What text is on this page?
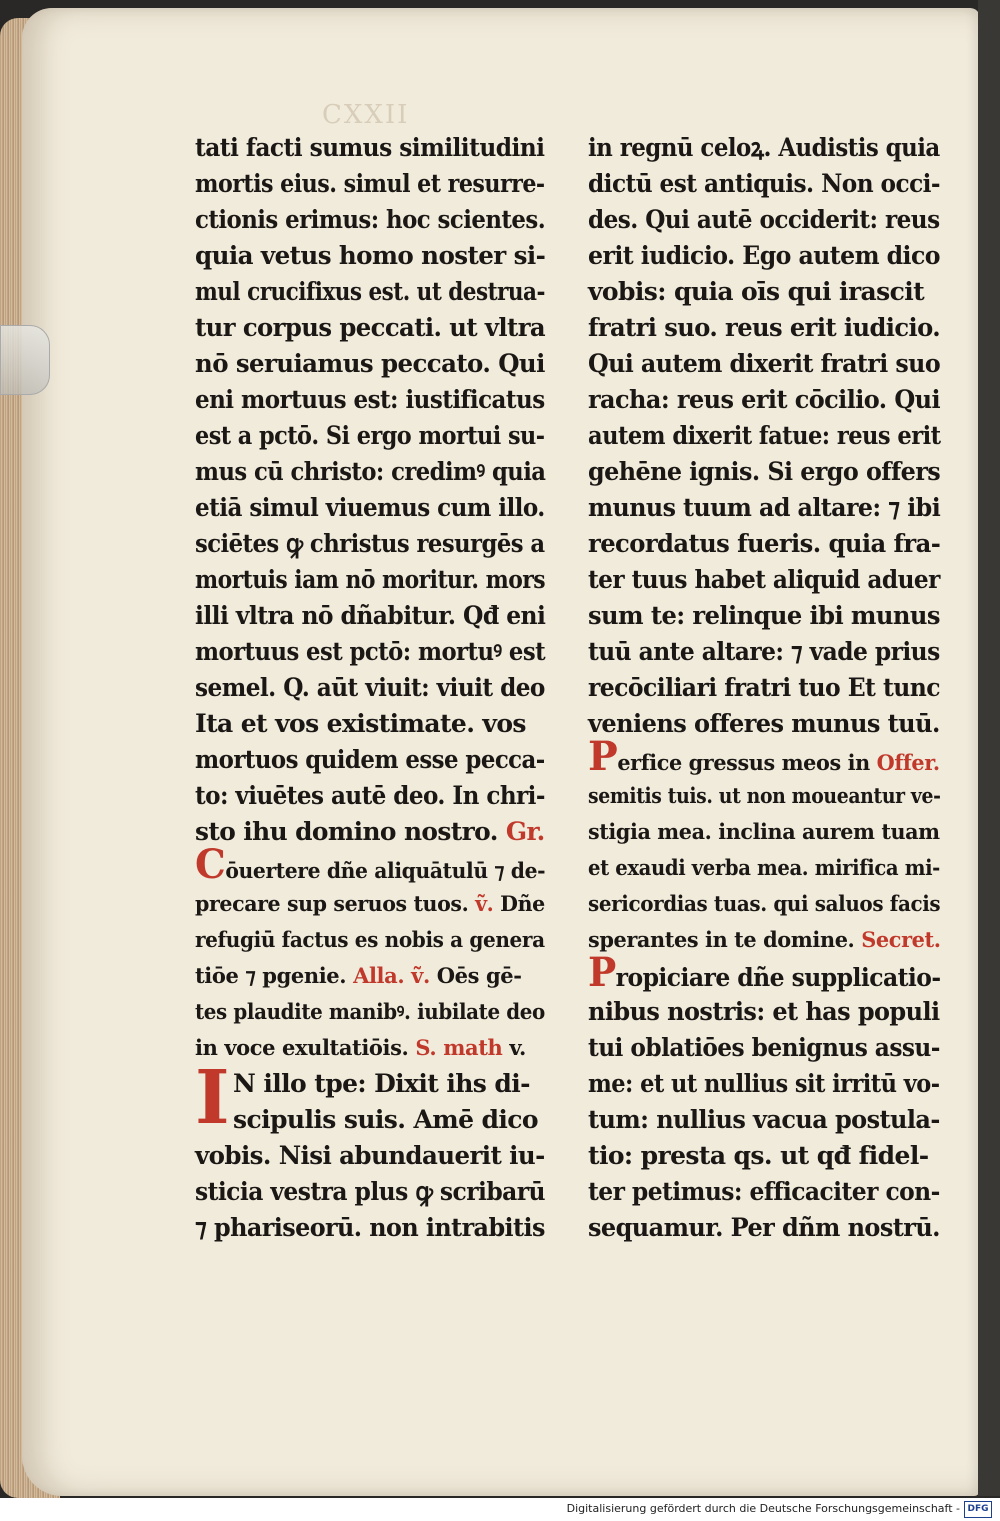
CXXII
tati facti sumus similitudini
mortis eius. simul et resurre-
ctionis erimus: hoc scientes.
quia vetus homo noster si-
mul crucifixus est. ut destrua-
tur corpus peccati. ut vltra
nō seruiamus peccato. Qui
eni mortuus est: iustificatus
est a pctō. Si ergo mortui su-
mus cū christo: credimꝰ quia
etiā simul viuemus cum illo.
sciētes ꝙ christus resurgēs a
mortuis iam nō moritur. mors
illi vltra nō dñabitur. Qđ eni
mortuus est pctō: mortuꝰ est
semel. Q. aūt viuit: viuit deo
Ita et vos existimate. vos
mortuos quidem esse pecca-
to: viuētes autē deo. In chri-
sto ihu domino nostro. Gr.
Cōuertere dñe aliquātulū ⁊ de-
precare sup seruos tuos. ṽ. Dñe
refugiū factus es nobis a genera
tiōe ⁊ pgenie. Alla. ṽ. Oēs gē-
tes plaudite manibꝰ. iubilate deo
in voce exultatiōis. S. math v.
I N illo tpe: Dixit ihs di-
scipulis suis. Amē dico
vobis. Nisi abundauerit iu-
sticia vestra plus ꝙ scribarū
⁊ phariseorū. non intrabitis
in regnū celoꝝ. Audistis quia
dictū est antiquis. Non occi-
des. Qui autē occiderit: reus
erit iudicio. Ego autem dico
vobis: quia oīs qui irascit
fratri suo. reus erit iudicio.
Qui autem dixerit fratri suo
racha: reus erit cōcilio. Qui
autem dixerit fatue: reus erit
gehēne ignis. Si ergo offers
munus tuum ad altare: ⁊ ibi
recordatus fueris. quia fra-
ter tuus habet aliquid aduer
sum te: relinque ibi munus
tuū ante altare: ⁊ vade prius
recōciliari fratri tuo Et tunc
veniens offeres munus tuū.
Perfice gressus meos in Offer.
semitis tuis. ut non moueantur ve-
stigia mea. inclina aurem tuam
et exaudi verba mea. mirifica mi-
sericordias tuas. qui saluos facis
sperantes in te domine. Secret.
Propiciare dñe supplicatio-
nibus nostris: et has populi
tui oblatiōes benignus assu-
me: et ut nullius sit irritū vo-
tum: nullius vacua postula-
tio: presta qs. ut qđ fidel-
ter petimus: efficaciter con-
sequamur. Per dñm nostrū.
Digitalisierung gefördert durch die Deutsche Forschungsgemeinschaft - DFG
